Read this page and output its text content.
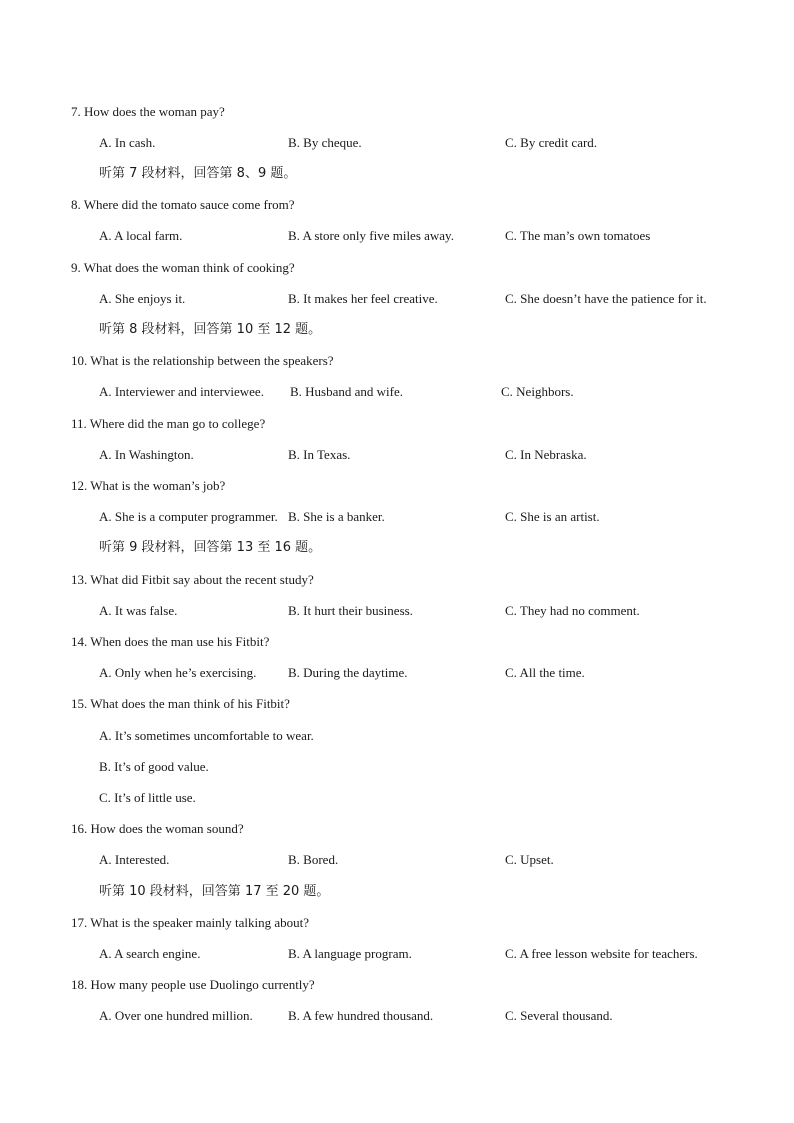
7. How does the woman pay?
A. In cash.	B. By cheque.	C. By credit card.
听第 7 段材料，回答第 8、9 题。
8. Where did the tomato sauce come from?
A. A local farm.	B. A store only five miles away.	C. The man’s own tomatoes
9. What does the woman think of cooking?
A. She enjoys it.	B. It makes her feel creative.	C. She doesn’t have the patience for it.
听第 8 段材料，回答第 10 至 12 题。
10. What is the relationship between the speakers?
A. Interviewer and interviewee. B. Husband and wife.	C. Neighbors.
11. Where did the man go to college?
A. In Washington.	B. In Texas.	C. In Nebraska.
12. What is the woman’s job?
A. She is a computer programmer. B. She is a banker.	C. She is an artist.
听第 9 段材料，回答第 13 至 16 题。
13. What did Fitbit say about the recent study?
A. It was false.	B. It hurt their business.	C. They had no comment.
14. When does the man use his Fitbit?
A. Only when he’s exercising. B. During the daytime.	C. All the time.
15. What does the man think of his Fitbit?
A. It’s sometimes uncomfortable to wear.
B. It’s of good value.
C. It’s of little use.
16. How does the woman sound?
A. Interested.	B. Bored.	C. Upset.
听第 10 段材料，回答第 17 至 20 题。
17. What is the speaker mainly talking about?
A. A search engine.	B. A language program.	C. A free lesson website for teachers.
18. How many people use Duolingo currently?
A. Over one hundred million.	B. A few hundred thousand.	C. Several thousand.
